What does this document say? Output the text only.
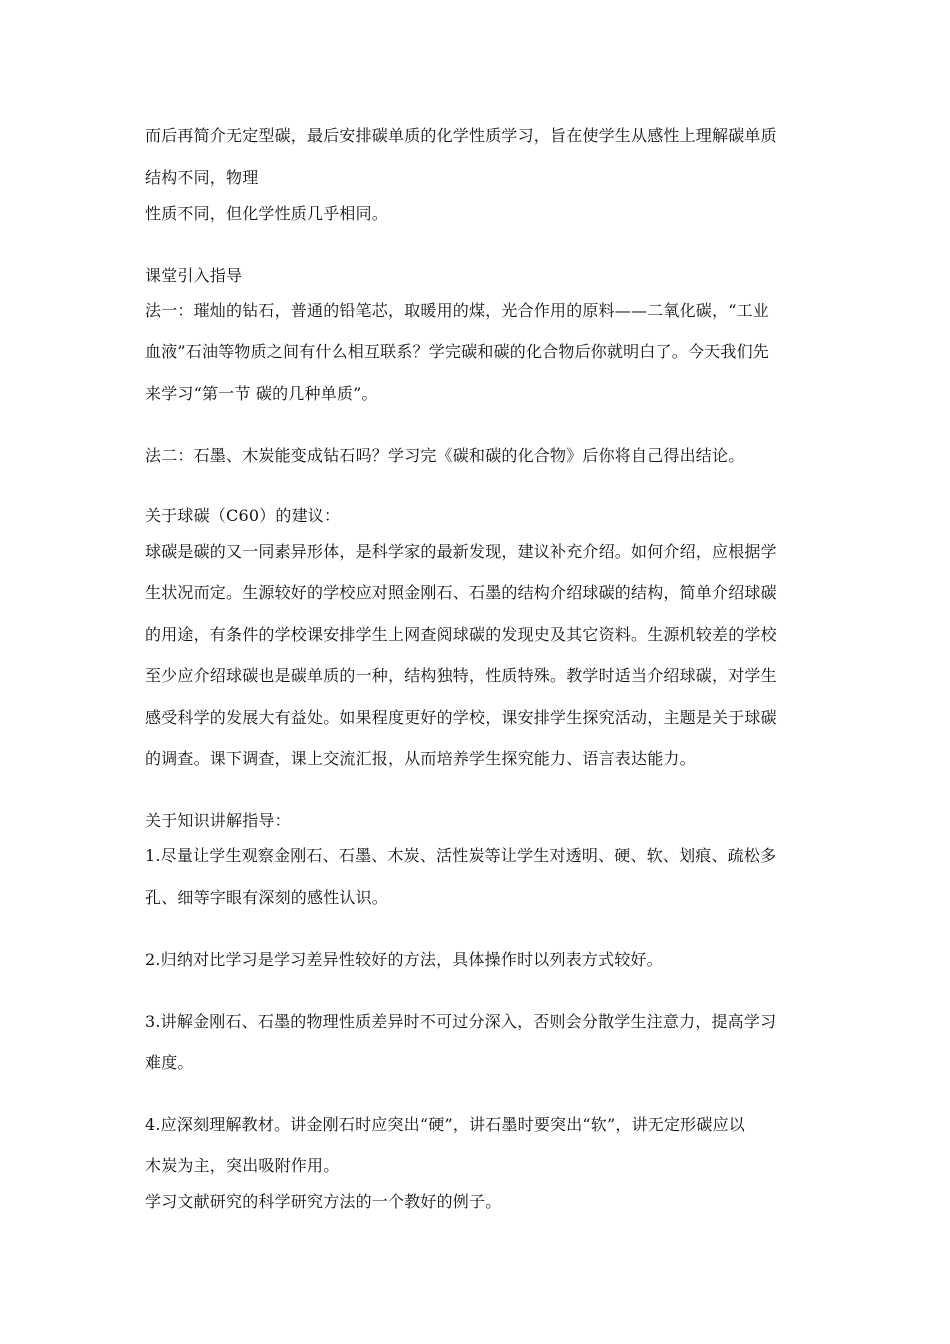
而后再简介无定型碳，最后安排碳单质的化学性质学习，旨在使学生从感性上理解碳单质
结构不同，物理
性质不同，但化学性质几乎相同。
课堂引入指导
法一：璀灿的钻石，普通的铅笔芯，取暖用的煤，光合作用的原料——二氧化碳，“工业
血液”石油等物质之间有什么相互联系？学完碳和碳的化合物后你就明白了。今天我们先
来学习“第一节 碳的几种单质”。
法二：石墨、木炭能变成钻石吗？学习完《碳和碳的化合物》后你将自己得出结论。
关于球碳（C60）的建议：
球碳是碳的又一同素异形体，是科学家的最新发现，建议补充介绍。如何介绍，应根据学
生状况而定。生源较好的学校应对照金刚石、石墨的结构介绍球碳的结构，简单介绍球碳
的用途，有条件的学校课安排学生上网查阅球碳的发现史及其它资料。生源机较差的学校
至少应介绍球碳也是碳单质的一种，结构独特，性质特殊。教学时适当介绍球碳，对学生
感受科学的发展大有益处。如果程度更好的学校，课安排学生探究活动，主题是关于球碳
的调查。课下调查，课上交流汇报，从而培养学生探究能力、语言表达能力。
关于知识讲解指导：
1.尽量让学生观察金刚石、石墨、木炭、活性炭等让学生对透明、硬、软、划痕、疏松多
孔、细等字眼有深刻的感性认识。
2.归纳对比学习是学习差异性较好的方法，具体操作时以列表方式较好。
3.讲解金刚石、石墨的物理性质差异时不可过分深入，否则会分散学生注意力，提高学习
难度。
4.应深刻理解教材。讲金刚石时应突出“硬”，讲石墨时要突出“软”，讲无定形碳应以
木炭为主，突出吸附作用。
学习文献研究的科学研究方法的一个教好的例子。
